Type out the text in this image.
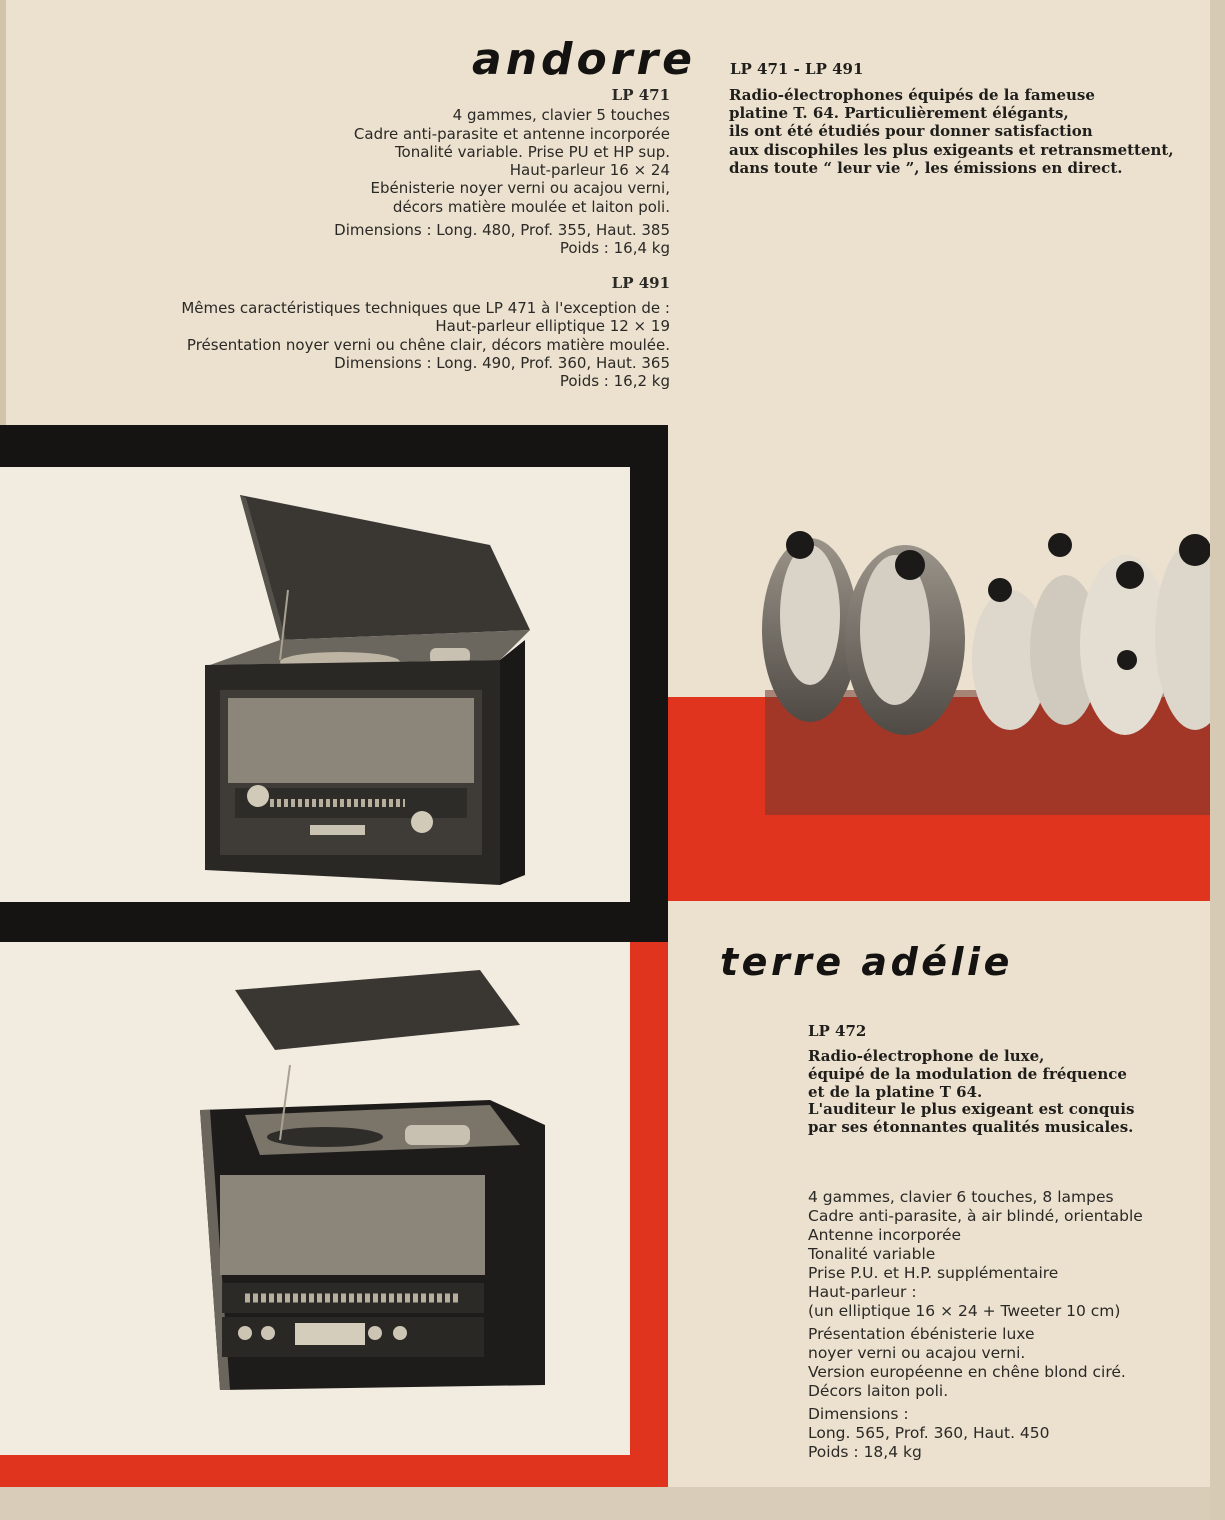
andorre LP 471 - LP 491
Radio-électrophones équipés de la fameuse
platine T. 64. Particulièrement élégants,
ils ont été étudiés pour donner satisfaction
aux discophiles les plus exigeants et retransmettent,
dans toute “ leur vie ”, les émissions en direct.
LP 471
4 gammes, clavier 5 touches
Cadre anti-parasite et antenne incorporée
Tonalité variable. Prise PU et HP sup.
Haut-parleur 16 × 24
Ebénisterie noyer verni ou acajou verni,
décors matière moulée et laiton poli.
Dimensions : Long. 480, Prof. 355, Haut. 385
Poids : 16,4 kg
LP 491
Mêmes caractéristiques techniques que LP 471 à l'exception de :
Haut-parleur elliptique 12 × 19
Présentation noyer verni ou chêne clair, décors matière moulée.
Dimensions : Long. 490, Prof. 360, Haut. 365
Poids : 16,2 kg
terre adélie
LP 472
Radio-électrophone de luxe,
équipé de la modulation de fréquence
et de la platine T 64.
L'auditeur le plus exigeant est conquis
par ses étonnantes qualités musicales.
4 gammes, clavier 6 touches, 8 lampes
Cadre anti-parasite, à air blindé, orientable
Antenne incorporée
Tonalité variable
Prise P.U. et H.P. supplémentaire
Haut-parleur :
(un elliptique 16 × 24 + Tweeter 10 cm)
Présentation ébénisterie luxe
noyer verni ou acajou verni.
Version européenne en chêne blond ciré.
Décors laiton poli.
Dimensions :
Long. 565, Prof. 360, Haut. 450
Poids : 18,4 kg
